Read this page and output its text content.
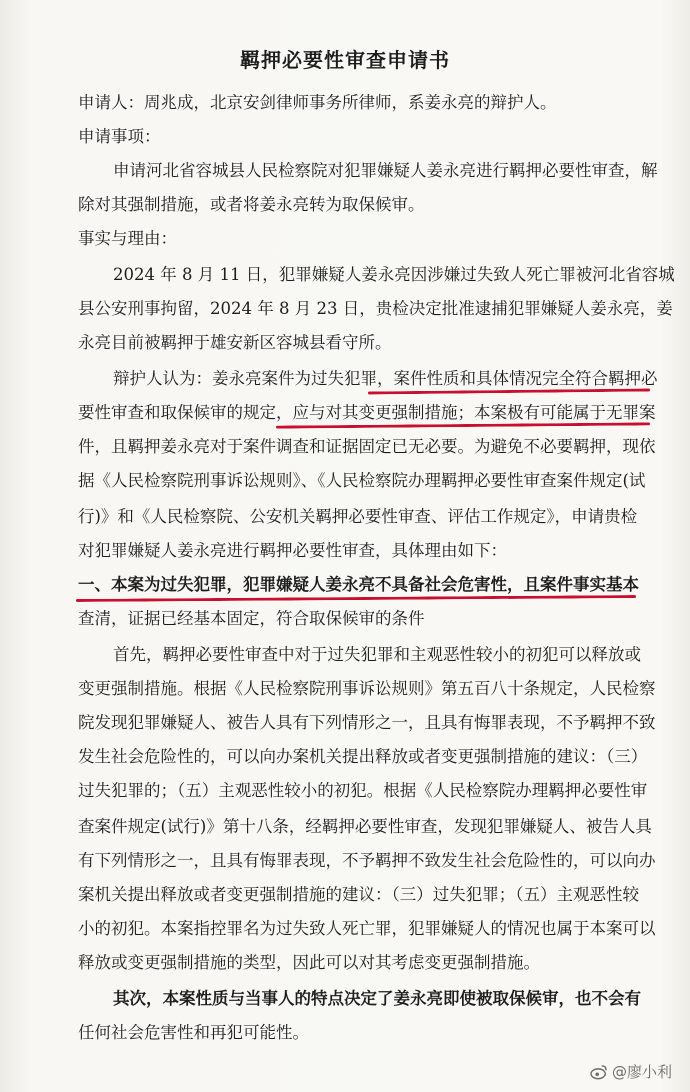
羁押必要性审查申请书
申请人：周兆成，北京安剑律师事务所律师，系姜永亮的辩护人。
申请事项：
申请河北省容城县人民检察院对犯罪嫌疑人姜永亮进行羁押必要性审查，解
除对其强制措施，或者将姜永亮转为取保候审。
事实与理由：
2024 年 8 月 11 日，犯罪嫌疑人姜永亮因涉嫌过失致人死亡罪被河北省容城
县公安刑事拘留，2024 年 8 月 23 日，贵检决定批准逮捕犯罪嫌疑人姜永亮，姜
永亮目前被羁押于雄安新区容城县看守所。
辩护人认为：姜永亮案件为过失犯罪，案件性质和具体情况完全符合羁押必
要性审查和取保候审的规定，应与对其变更强制措施；本案极有可能属于无罪案
件，且羁押姜永亮对于案件调查和证据固定已无必要。为避免不必要羁押，现依
据《人民检察院刑事诉讼规则》、《人民检察院办理羁押必要性审查案件规定(试
行)》和《人民检察院、公安机关羁押必要性审查、评估工作规定》，申请贵检
对犯罪嫌疑人姜永亮进行羁押必要性审查，具体理由如下：
一、本案为过失犯罪，犯罪嫌疑人姜永亮不具备社会危害性，且案件事实基本
查清，证据已经基本固定，符合取保候审的条件
首先，羁押必要性审查中对于过失犯罪和主观恶性较小的初犯可以释放或
变更强制措施。根据《人民检察院刑事诉讼规则》第五百八十条规定，人民检察
院发现犯罪嫌疑人、被告人具有下列情形之一，且具有悔罪表现，不予羁押不致
发生社会危险性的，可以向办案机关提出释放或者变更强制措施的建议：（三）
过失犯罪的；（五）主观恶性较小的初犯。根据《人民检察院办理羁押必要性审
查案件规定(试行)》第十八条，经羁押必要性审查，发现犯罪嫌疑人、被告人具
有下列情形之一，且具有悔罪表现，不予羁押不致发生社会危险性的，可以向办
案机关提出释放或者变更强制措施的建议：（三）过失犯罪；（五）主观恶性较
小的初犯。本案指控罪名为过失致人死亡罪，犯罪嫌疑人的情况也属于本案可以
释放或变更强制措施的类型，因此可以对其考虑变更强制措施。
其次，本案性质与当事人的特点决定了姜永亮即使被取保候审，也不会有
任何社会危害性和再犯可能性。
@廖小利
